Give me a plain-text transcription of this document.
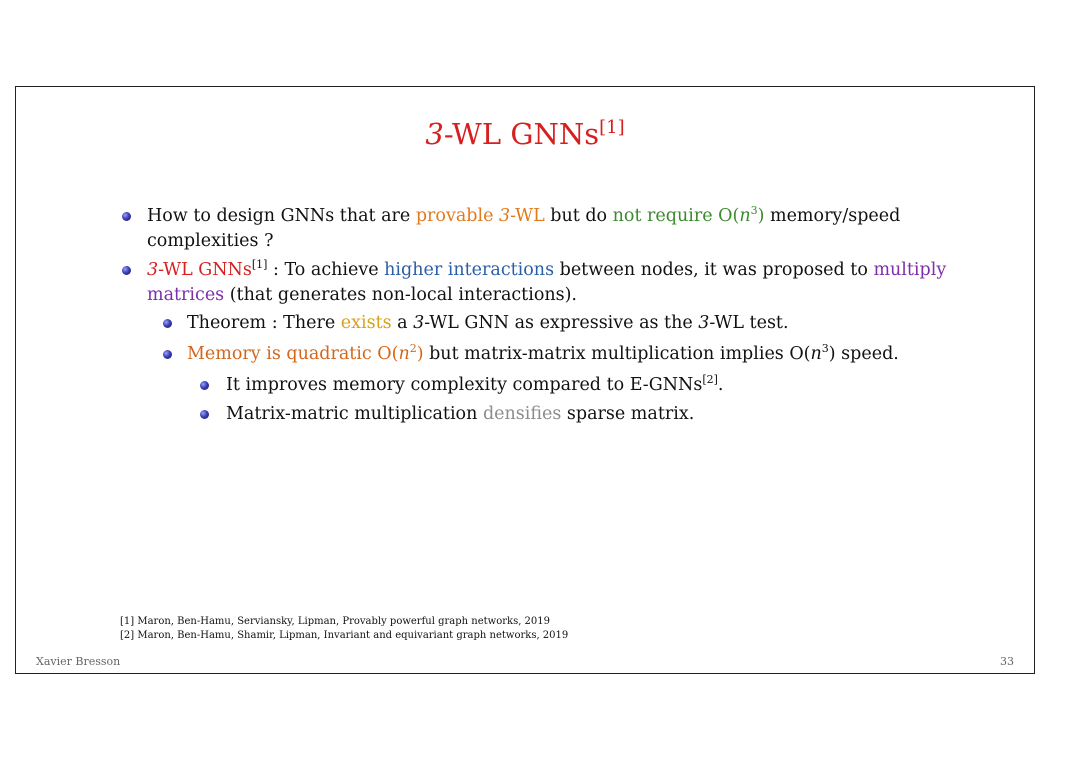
3-WL GNNs[1]
How to design GNNs that are provable 3-WL but do not require $O(n^3)$ memory/speed
complexities ?
3-WL GNNs[1] : To achieve higher interactions between nodes, it was proposed to multiply
matrices (that generates non-local interactions).
Theorem : There exists a 3-WL GNN as expressive as the 3-WL test.
Memory is quadratic $O(n^2)$ but matrix-matrix multiplication implies $O(n^3)$ speed.
It improves memory complexity compared to E-GNNs[2].
Matrix-matric multiplication densifies sparse matrix.
[1] Maron, Ben-Hamu, Serviansky, Lipman, Provably powerful graph networks, 2019
[2] Maron, Ben-Hamu, Shamir, Lipman, Invariant and equivariant graph networks, 2019
Xavier Bresson	33
